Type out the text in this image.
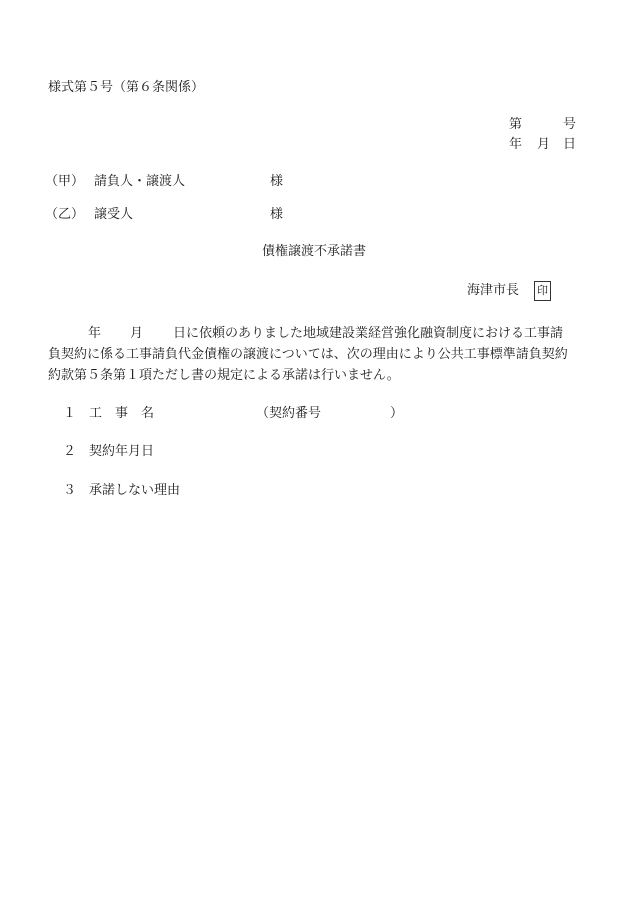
様式第５号（第６条関係）
第	号
年 月 日
（甲） 請負人・譲渡人	様
（乙） 譲受人	様
債権譲渡不承諾書
海津市長 印
年 月 日に依頼のありました地域建設業経営強化融資制度における工事請
負契約に係る工事請負代金債権の譲渡については、次の理由により公共工事標準請負契約
約款第５条第１項ただし書の規定による承諾は行いません。
１ 工　事　名	（契約番号	）
２ 契約年月日
３ 承諾しない理由
